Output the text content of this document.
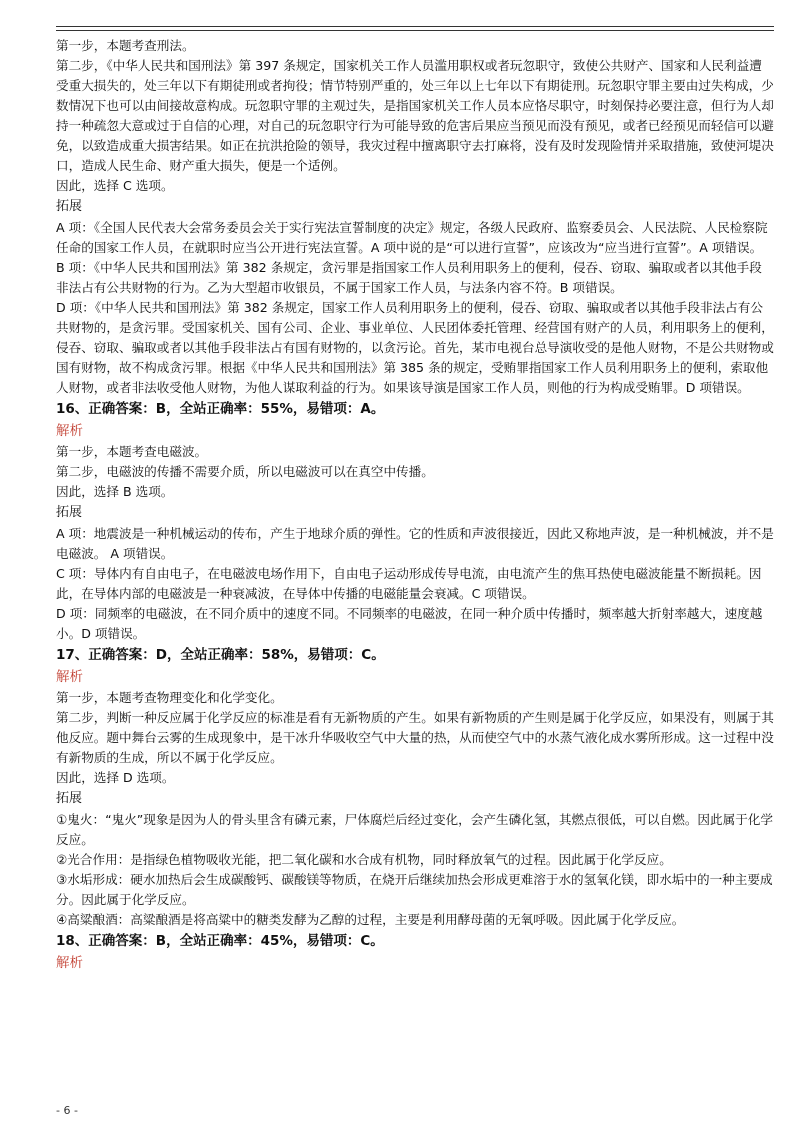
第一步，本题考查刑法。

第二步，《中华人民共和国刑法》第 397 条规定，国家机关工作人员滥用职权或者玩忽职守，致使公共财产、国家和人民利益遭受重大损失的，处三年以下有期徒刑或者拘役；情节特别严重的，处三年以上七年以下有期徒刑。玩忽职守罪主要由过失构成，少数情况下也可以由间接故意构成。玩忽职守罪的主观过失，是指国家机关工作人员本应恪尽职守，时刻保持必要注意，但行为人却持一种疏忽大意或过于自信的心理，对自己的玩忽职守行为可能导致的危害后果应当预见而没有预见，或者已经预见而轻信可以避免，以致造成重大损害结果。如正在抗洪抢险的领导，我灾过程中擅离职守去打麻将，没有及时发现险情并采取措施，致使河堤决口，造成人民生命、财产重大损失，便是一个适例。

因此，选择 C 选项。

拓展

A 项：《全国人民代表大会常务委员会关于实行宪法宣誓制度的决定》规定，各级人民政府、监察委员会、人民法院、人民检察院任命的国家工作人员，在就职时应当公开进行宪法宣誓。A 项中说的是“可以进行宣誓”，应该改为“应当进行宣誓”。A 项错误。

B 项：《中华人民共和国刑法》第 382 条规定，贪污罪是指国家工作人员利用职务上的便利，侵吞、窃取、骗取或者以其他手段非法占有公共财物的行为。乙为大型超市收银员，不属于国家工作人员，与法条内容不符。B 项错误。

D 项：《中华人民共和国刑法》第 382 条规定，国家工作人员利用职务上的便利，侵吞、窃取、骗取或者以其他手段非法占有公共财物的，是贪污罪。受国家机关、国有公司、企业、事业单位、人民团体委托管理、经营国有财产的人员，利用职务上的便利，侵吞、窃取、骗取或者以其他手段非法占有国有财物的，以贪污论。首先，某市电视台总导演收受的是他人财物，不是公共财物或国有财物，故不构成贪污罪。根据《中华人民共和国刑法》第 385 条的规定，受贿罪指国家工作人员利用职务上的便利，索取他人财物，或者非法收受他人财物，为他人谋取利益的行为。如果该导演是国家工作人员，则他的行为构成受贿罪。D 项错误。

16、正确答案：B，全站正确率：55%，易错项：A。

解析

第一步，本题考查电磁波。

第二步，电磁波的传播不需要介质，所以电磁波可以在真空中传播。

因此，选择 B 选项。

拓展

A 项：地震波是一种机械运动的传布，产生于地球介质的弹性。它的性质和声波很接近，因此又称地声波，是一种机械波，并不是电磁波。 A 项错误。

C 项：导体内有自由电子，在电磁波电场作用下，自由电子运动形成传导电流，由电流产生的焦耳热使电磁波能量不断损耗。因此，在导体内部的电磁波是一种衰减波，在导体中传播的电磁能量会衰减。C 项错误。

D 项：同频率的电磁波，在不同介质中的速度不同。不同频率的电磁波，在同一种介质中传播时，频率越大折射率越大，速度越小。D 项错误。

17、正确答案：D，全站正确率：58%，易错项：C。

解析

第一步，本题考查物理变化和化学变化。

第二步，判断一种反应属于化学反应的标准是看有无新物质的产生。如果有新物质的产生则是属于化学反应，如果没有，则属于其他反应。题中舞台云雾的生成现象中，是干冰升华吸收空气中大量的热，从而使空气中的水蒸气液化成水雾所形成。这一过程中没有新物质的生成，所以不属于化学反应。

因此，选择 D 选项。

拓展

①鬼火：“鬼火”现象是因为人的骨头里含有磷元素，尸体腐烂后经过变化，会产生磷化氢，其燃点很低，可以自燃。因此属于化学反应。

②光合作用：是指绿色植物吸收光能，把二氧化碳和水合成有机物，同时释放氧气的过程。因此属于化学反应。

③水垢形成：硬水加热后会生成碳酸钙、碳酸镁等物质，在烧开后继续加热会形成更难溶于水的氢氧化镁，即水垢中的一种主要成分。因此属于化学反应。

④高粱酿酒：高粱酿酒是将高粱中的糖类发酵为乙醇的过程，主要是利用酵母菌的无氧呼吸。因此属于化学反应。

18、正确答案：B，全站正确率：45%，易错项：C。

解析

- 6 -
